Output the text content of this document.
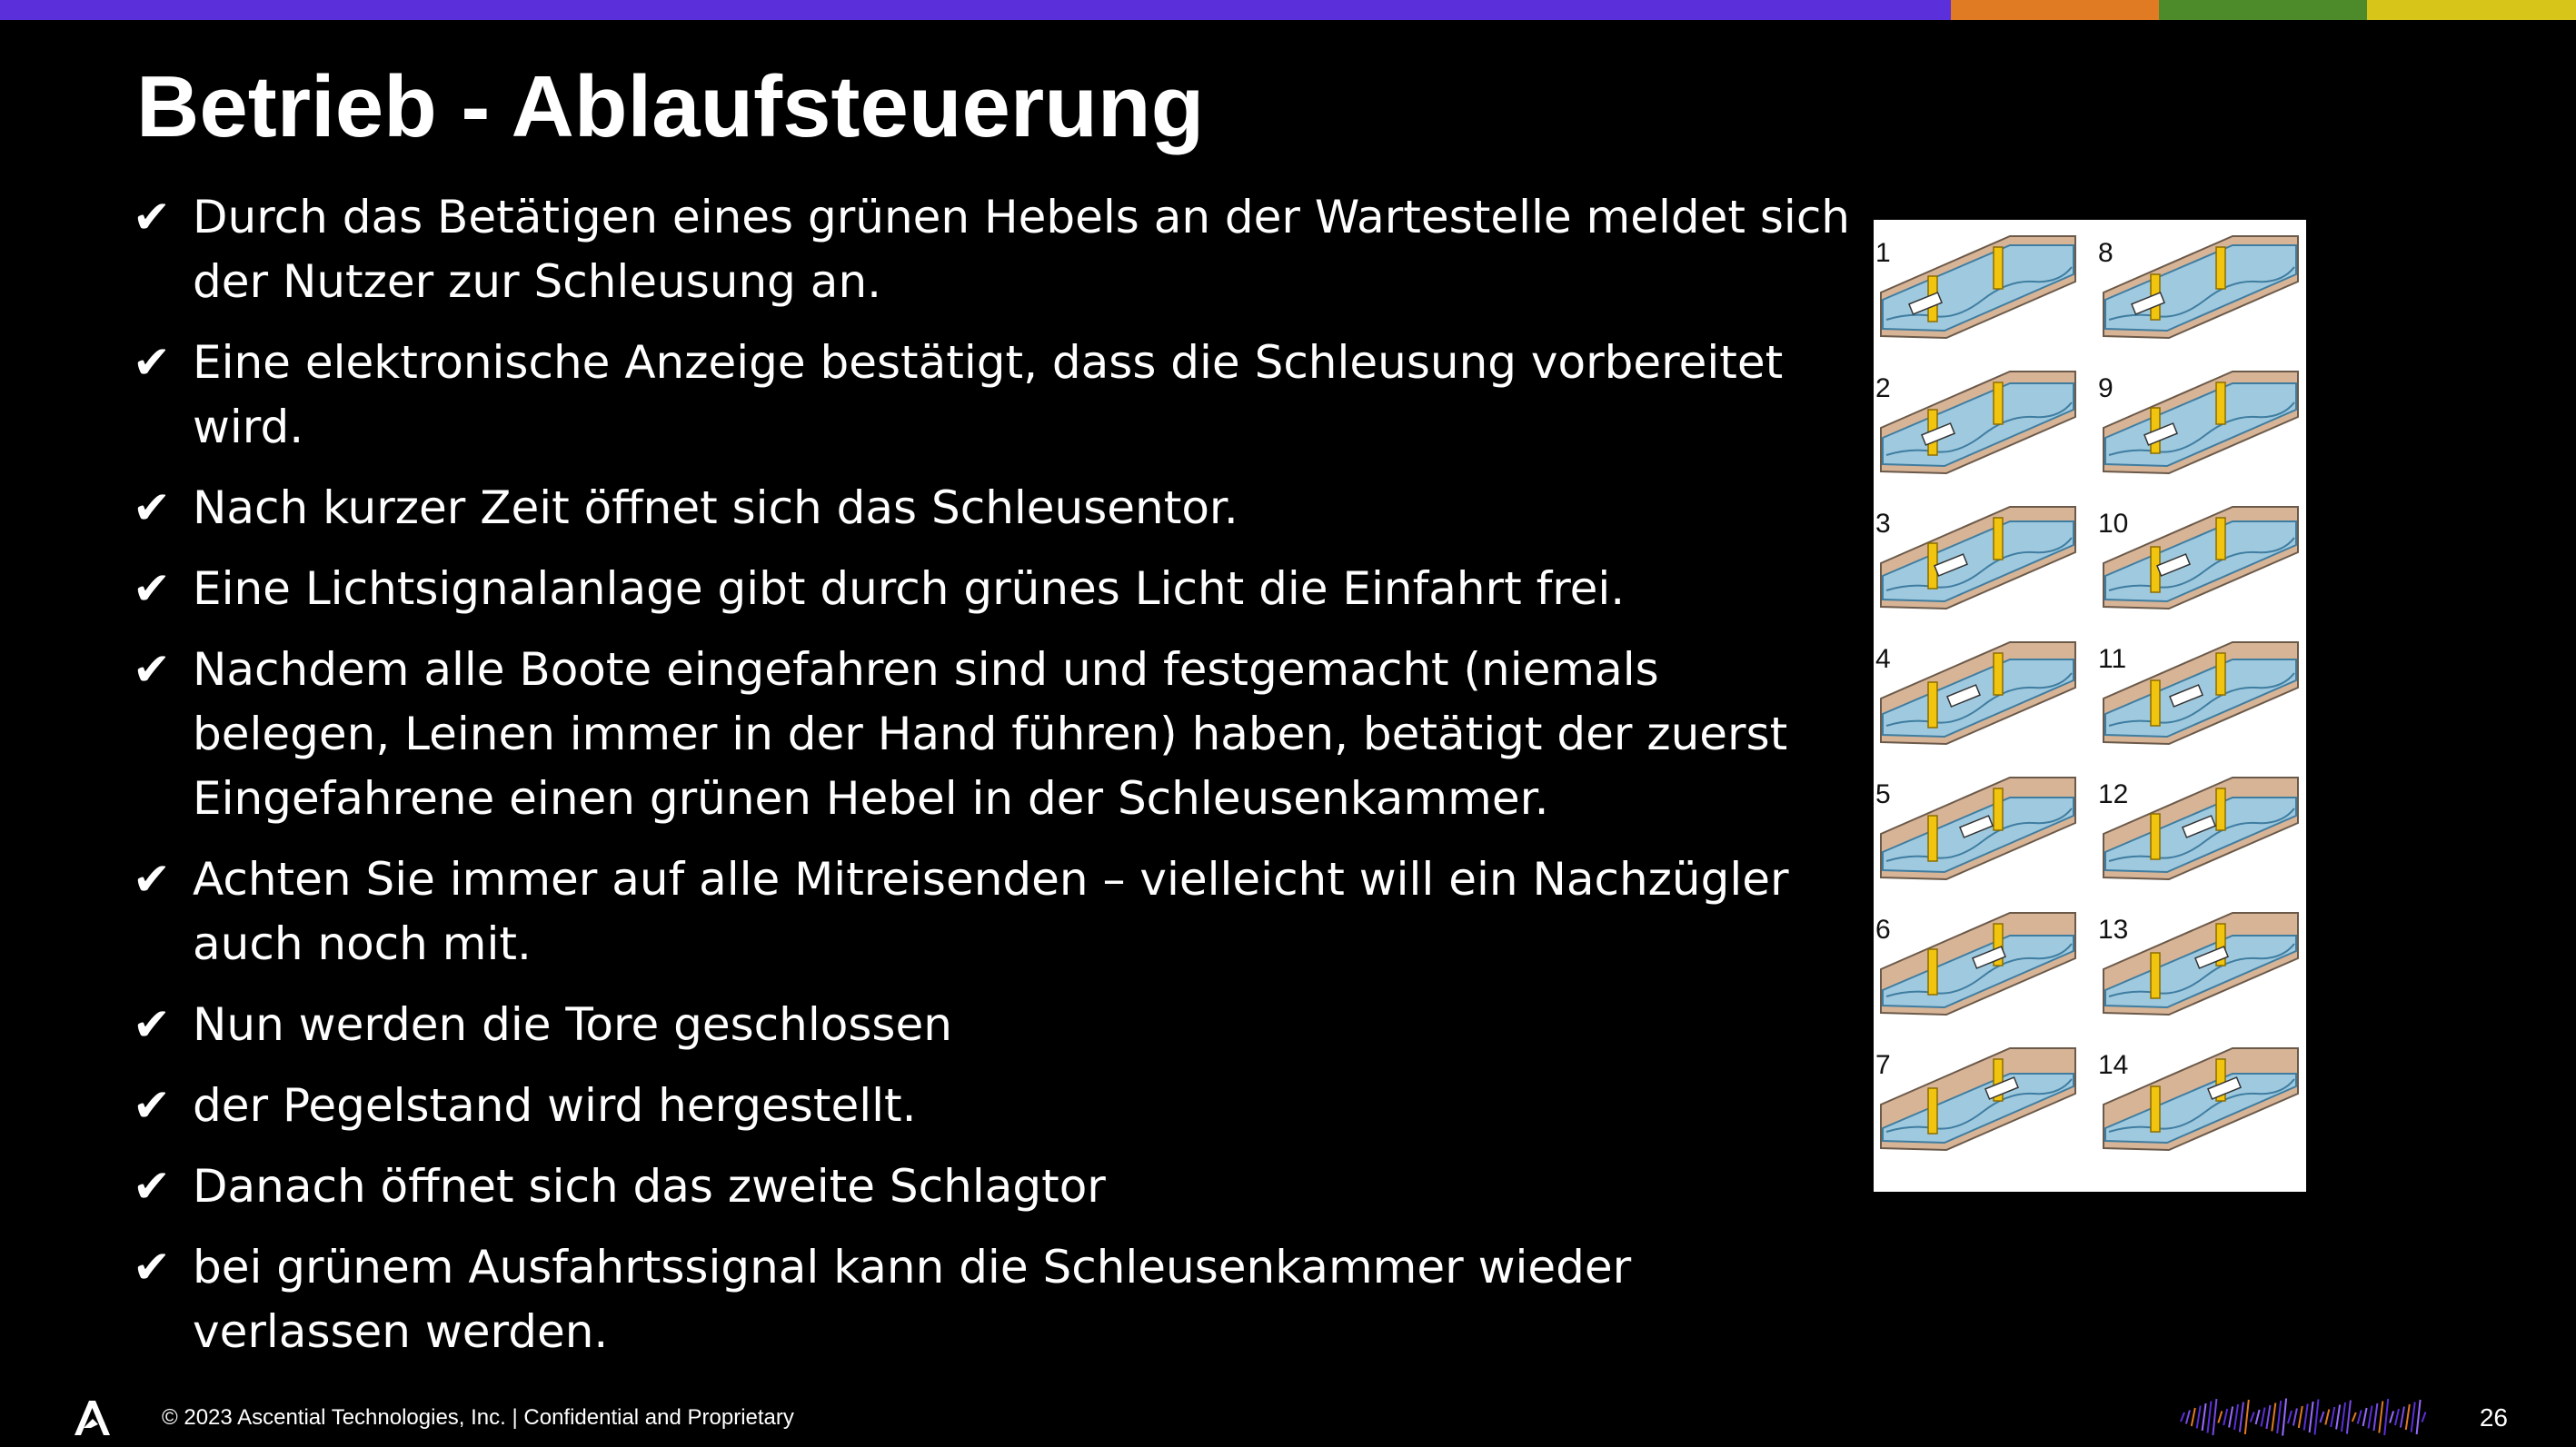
Betrieb - Ablaufsteuerung
✔ Durch das Betätigen eines grünen Hebels an der Wartestelle meldet sich der Nutzer zur Schleusung an.
✔ Eine elektronische Anzeige bestätigt, dass die Schleusung vorbereitet wird.
✔ Nach kurzer Zeit öffnet sich das Schleusentor.
✔ Eine Lichtsignalanlage gibt durch grünes Licht die Einfahrt frei.
✔ Nachdem alle Boote eingefahren sind und festgemacht (niemals belegen, Leinen immer in der Hand führen) haben, betätigt der zuerst Eingefahrene einen grünen Hebel in der Schleusenkammer.
✔ Achten Sie immer auf alle Mitreisenden – vielleicht will ein Nachzügler auch noch mit.
✔ Nun werden die Tore geschlossen
✔ der Pegelstand wird hergestellt.
✔ Danach öffnet sich das zweite Schlagtor
✔ bei grünem Ausfahrtssignal kann die Schleusenkammer wieder verlassen werden.
1
2
3
4
5
6
7
8
9
10
11
12
13
14
© 2023 Ascential Technologies, Inc. | Confidential and Proprietary	26
